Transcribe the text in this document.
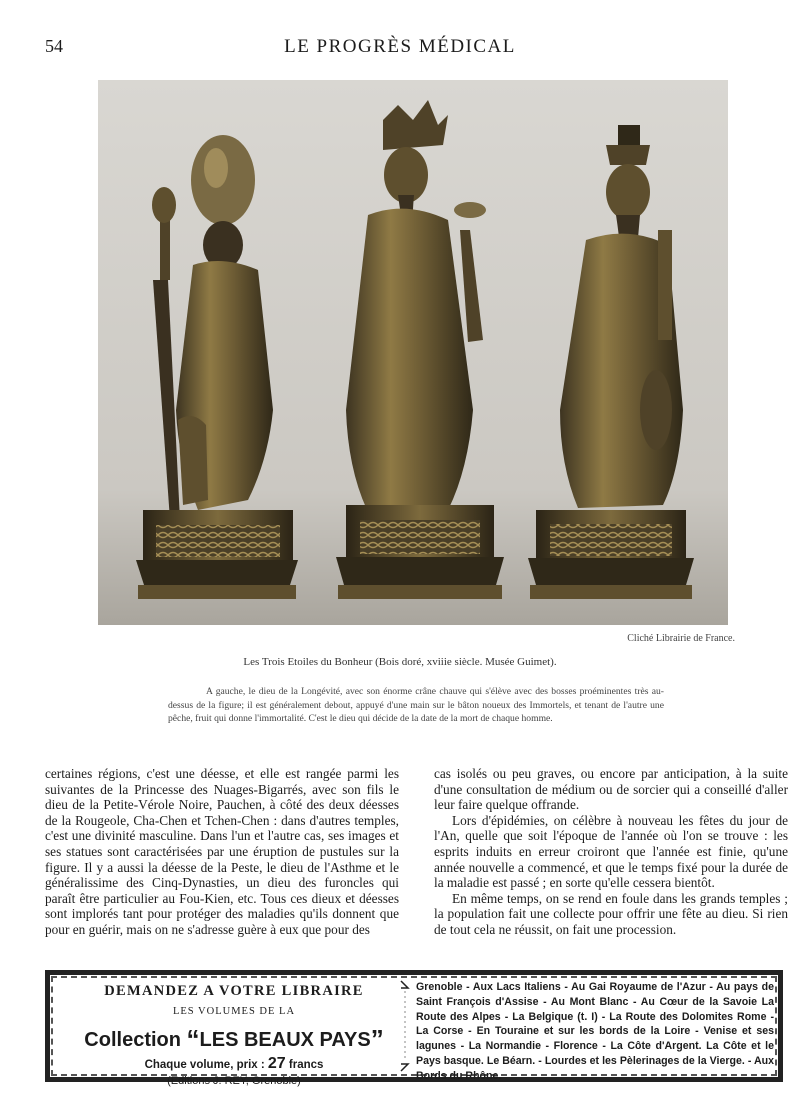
54	LE PROGRÈS MÉDICAL
Cliché Librairie de France.
Les Trois Etoiles du Bonheur (Bois doré, xviiie siècle. Musée Guimet).
A gauche, le dieu de la Longévité, avec son énorme crâne chauve qui s'élève avec des bosses proéminentes très au-dessus de la figure; il est généralement debout, appuyé d'une main sur le bâton noueux des Immortels, et tenant de l'autre une pêche, fruit qui donne l'immortalité. C'est le dieu qui décide de la date de la mort de chaque homme.

certaines régions, c'est une déesse, et elle est rangée parmi les suivantes de la Princesse des Nuages-Bigarrés, avec son fils le dieu de la Petite-Vérole Noire, Pauchen, à côté des deux déesses de la Rougeole, Cha-Chen et Tchen-Chen : dans d'autres temples, c'est une divinité masculine. Dans l'un et l'autre cas, ses images et ses statues sont caractérisées par une éruption de pustules sur la figure. Il y a aussi la déesse de la Peste, le dieu de l'Asthme et le généralissime des Cinq-Dynasties, un dieu des furoncles qui paraît être particulier au Fou-Kien, etc. Tous ces dieux et déesses sont implorés tant pour protéger des maladies qu'ils donnent que pour en guérir, mais on ne s'adresse guère à eux que pour des

cas isolés ou peu graves, ou encore par anticipation, à la suite d'une consultation de médium ou de sorcier qui a conseillé d'aller leur faire quelque offrande.

Lors d'épidémies, on célèbre à nouveau les fêtes du jour de l'An, quelle que soit l'époque de l'année où l'on se trouve : les esprits induits en erreur croiront que l'année est finie, qu'une année nouvelle a commencé, et que le temps fixé pour la durée de la maladie est passé ; en sorte qu'elle cessera bientôt.

En même temps, on se rend en foule dans les grands temples ; la population fait une collecte pour offrir une fête au dieu. Si rien de tout cela ne réussit, on fait une procession.

DEMANDEZ A VOTRE LIBRAIRE
LES VOLUMES DE LA
Collection “LES BEAUX PAYS”
Chaque volume, prix : 27 francs
(Editions J. REY, Grenoble)
Grenoble - Aux Lacs Italiens - Au Gai Royaume de l'Azur - Au pays de Saint François d'Assise - Au Mont Blanc - Au Cœur de la Savoie La Route des Alpes - La Belgique (t. I) - La Route des Dolomites Rome - La Corse - En Touraine et sur les bords de la Loire - Venise et ses lagunes - La Normandie - Florence - La Côte d'Argent. La Côte et le Pays basque. Le Béarn. - Lourdes et les Pèlerinages de la Vierge. - Aux Bords du Rhône.
